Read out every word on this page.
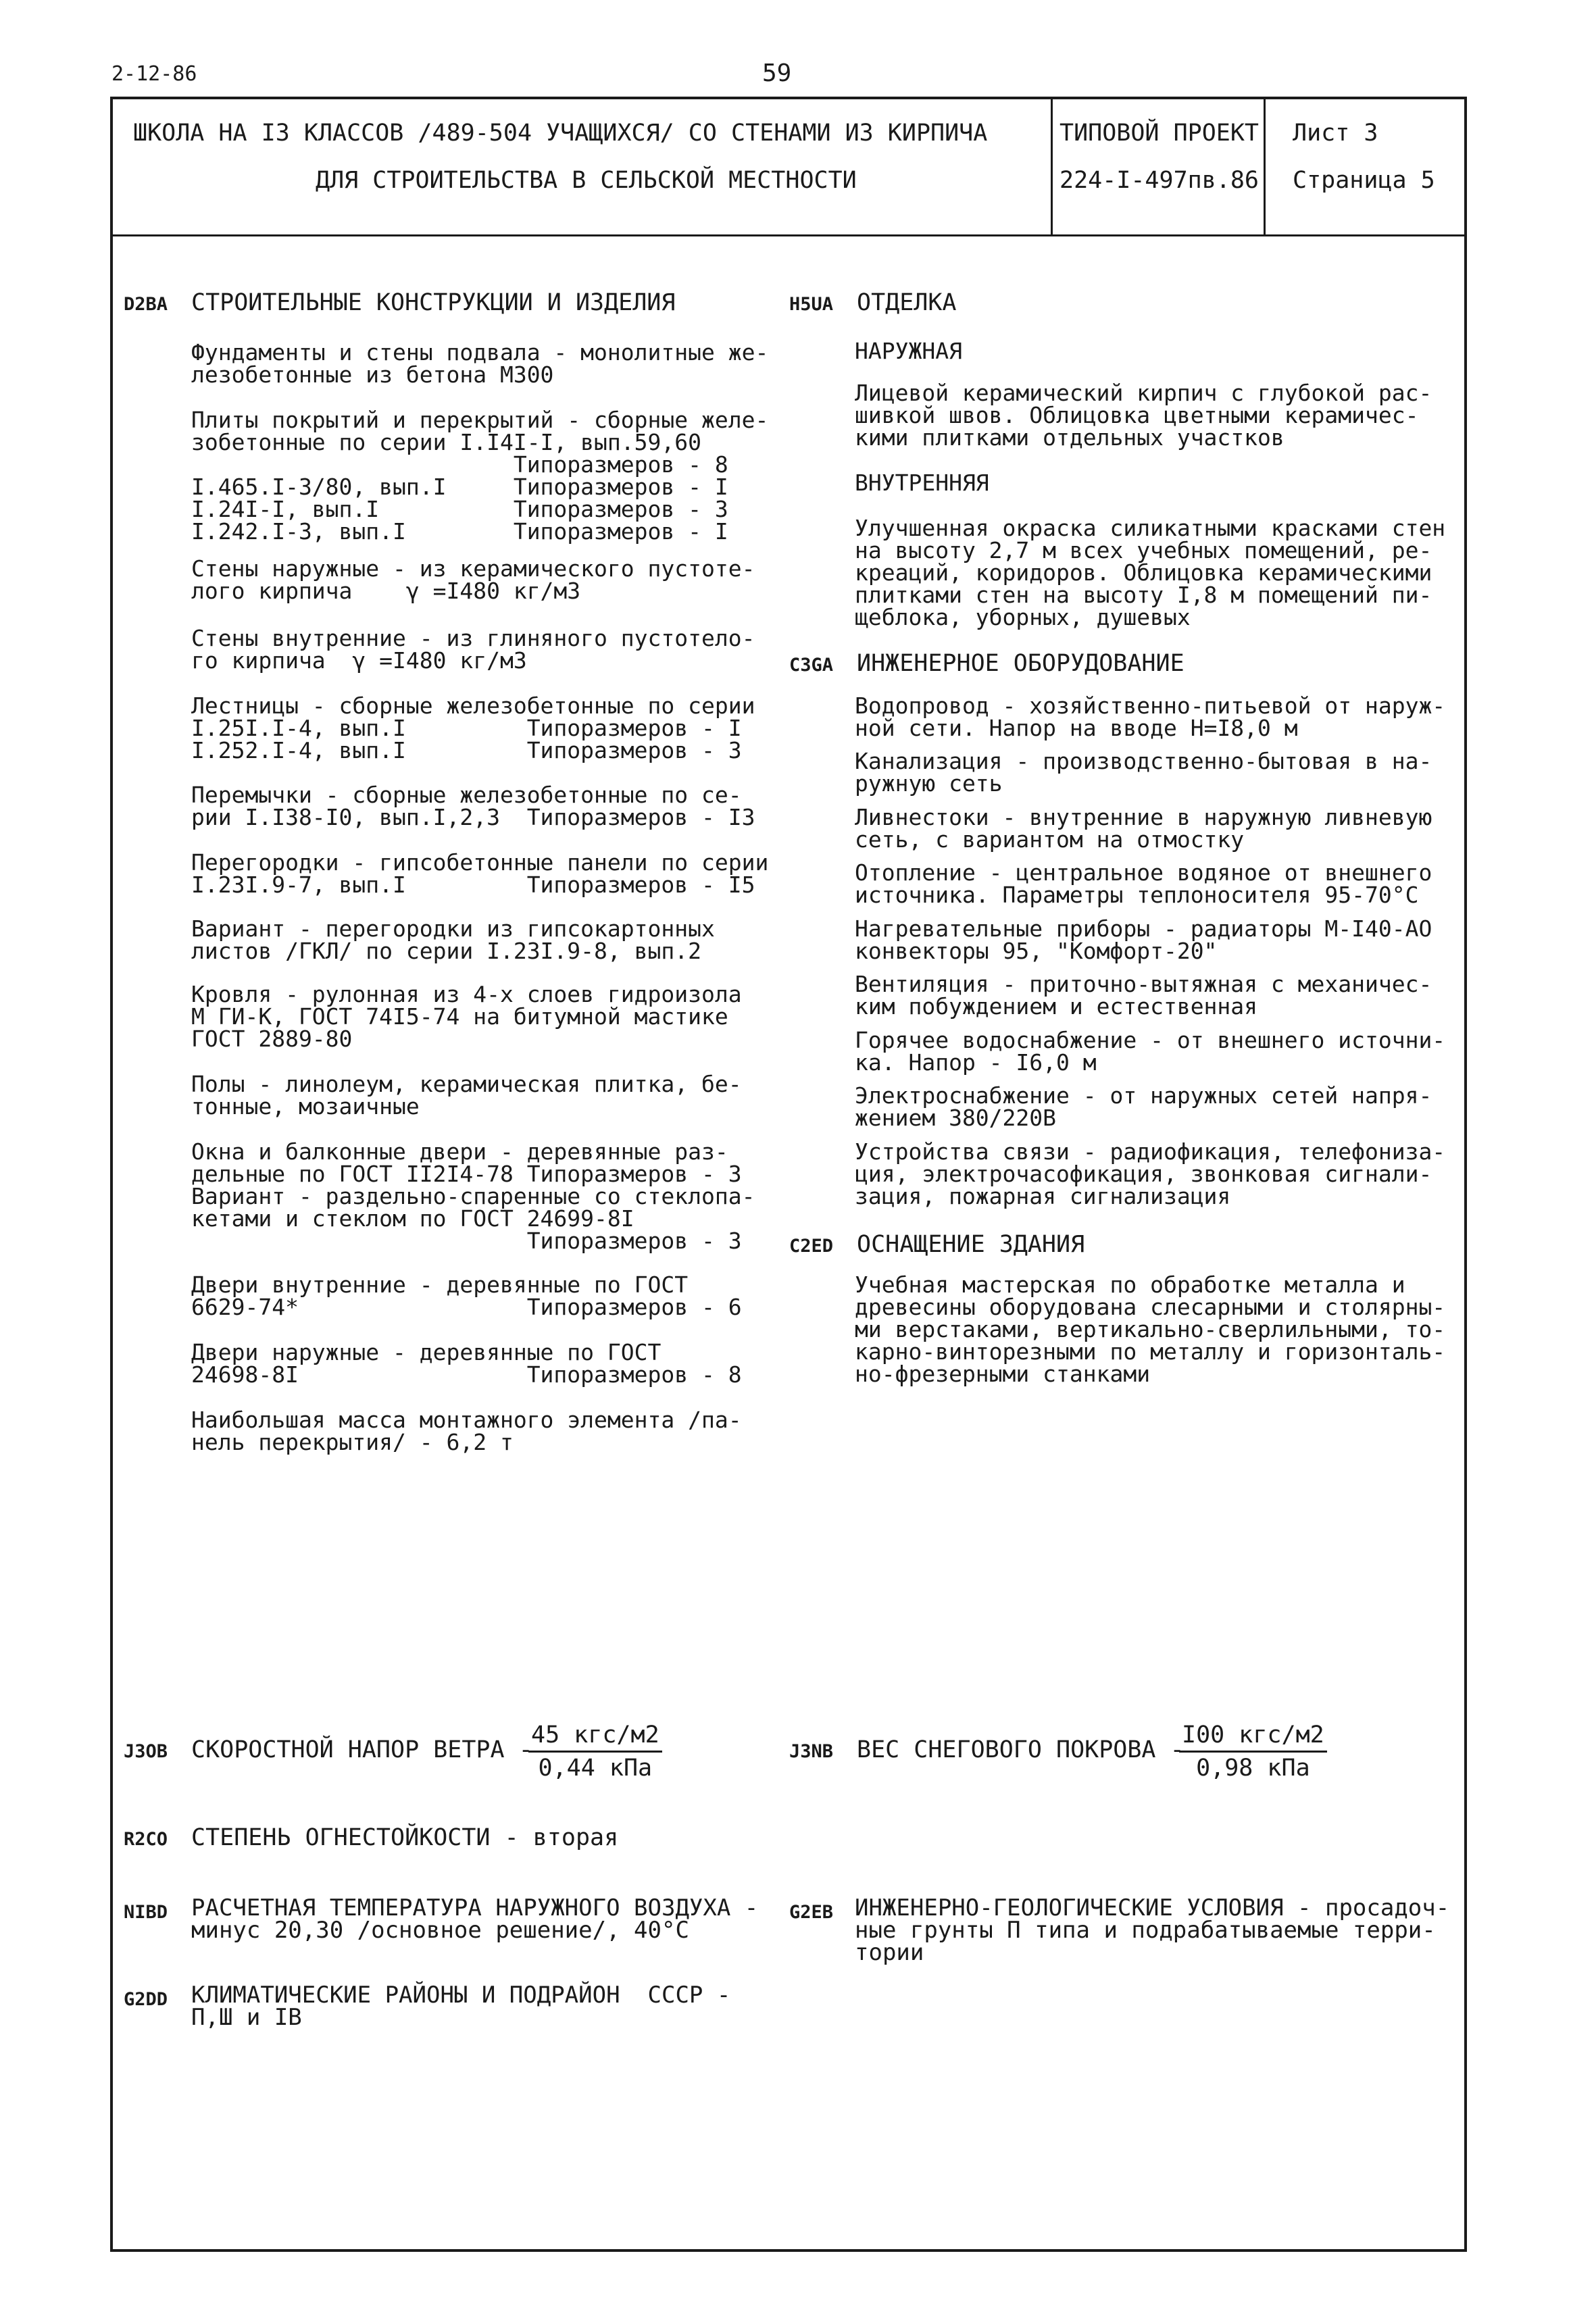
2-12-86	59
ШКОЛА НА I3 КЛАССОВ /489-504 УЧАЩИХСЯ/ СО СТЕНАМИ ИЗ КИРПИЧА
ДЛЯ СТРОИТЕЛЬСТВА В СЕЛЬСКОЙ МЕСТНОСТИ
ТИПОВОЙ ПРОЕКТ
224-I-497пв.86
Лист 3
Страница 5
D2BA СТРОИТЕЛЬНЫЕ КОНСТРУКЦИИ И ИЗДЕЛИЯ
Фундаменты и стены подвала - монолитные же-
лезобетонные из бетона М300
Плиты покрытий и перекрытий - сборные желе-
зобетонные по серии I.I4I-I, вып.59,60
Типоразмеров - 8
I.465.I-3/80, вып.I     Типоразмеров - I
I.24I-I, вып.I          Типоразмеров - 3
I.242.I-3, вып.I        Типоразмеров - I
Стены наружные - из керамического пустоте-
лого кирпича    γ =I480 кг/м3
Стены внутренние - из глиняного пустотело-
го кирпича  γ =I480 кг/м3
Лестницы - сборные железобетонные по серии
I.25I.I-4, вып.I         Типоразмеров - I
I.252.I-4, вып.I         Типоразмеров - 3
Перемычки - сборные железобетонные по се-
рии I.I38-I0, вып.I,2,3  Типоразмеров - I3
Перегородки - гипсобетонные панели по серии
I.23I.9-7, вып.I         Типоразмеров - I5
Вариант - перегородки из гипсокартонных
листов /ГКЛ/ по серии I.23I.9-8, вып.2
Кровля - рулонная из 4-х слоев гидроизола
М ГИ-К, ГОСТ 74I5-74 на битумной мастике
ГОСТ 2889-80
Полы - линолеум, керамическая плитка, бе-
тонные, мозаичные
Окна и балконные двери - деревянные раз-
дельные по ГОСТ II2I4-78 Типоразмеров - 3
Вариант - раздельно-спаренные со стеклопа-
кетами и стеклом по ГОСТ 24699-8I
Типоразмеров - 3
Двери внутренние - деревянные по ГОСТ
6629-74*                 Типоразмеров - 6
Двери наружные - деревянные по ГОСТ
24698-8I                 Типоразмеров - 8
Наибольшая масса монтажного элемента /па-
нель перекрытия/ - 6,2 т
H5UA ОТДЕЛКА
НАРУЖНАЯ
Лицевой керамический кирпич с глубокой рас-
шивкой швов. Облицовка цветными керамичес-
кими плитками отдельных участков
ВНУТРЕННЯЯ
Улучшенная окраска силикатными красками стен
на высоту 2,7 м всех учебных помещений, ре-
креаций, коридоров. Облицовка керамическими
плитками стен на высоту I,8 м помещений пи-
щеблока, уборных, душевых
C3GA ИНЖЕНЕРНОЕ ОБОРУДОВАНИЕ
Водопровод - хозяйственно-питьевой от наруж-
ной сети. Напор на вводе Н=I8,0 м
Канализация - производственно-бытовая в на-
ружную сеть
Ливнестоки - внутренние в наружную ливневую
сеть, с вариантом на отмостку
Отопление - центральное водяное от внешнего
источника. Параметры теплоносителя 95-70°С
Нагревательные приборы - радиаторы М-I40-АО
конвекторы 95, "Комфорт-20"
Вентиляция - приточно-вытяжная с механичес-
ким побуждением и естественная
Горячее водоснабжение - от внешнего источни-
ка. Напор - I6,0 м
Электроснабжение - от наружных сетей напря-
жением 380/220В
Устройства связи - радиофикация, телефониза-
ция, электрочасофикация, звонковая сигнали-
зация, пожарная сигнализация
C2ED ОСНАЩЕНИЕ ЗДАНИЯ
Учебная мастерская по обработке металла и
древесины оборудована слесарными и столярны-
ми верстаками, вертикально-сверлильными, то-
карно-винторезными по металлу и горизонталь-
но-фрезерными станками
J3OB СКОРОСТНОЙ НАПОР ВЕТРА -
45 кгс/м2
0,44 кПа
J3NB ВЕС СНЕГОВОГО ПОКРОВА -
I00 кгс/м2
0,98 кПа
R2CO СТЕПЕНЬ ОГНЕСТОЙКОСТИ - вторая
NIBD	РАСЧЕТНАЯ ТЕМПЕРАТУРА НАРУЖНОГО ВОЗДУХА -
минус 20,30 /основное решение/, 40°С
G2EB ИНЖЕНЕРНО-ГЕОЛОГИЧЕСКИЕ УСЛОВИЯ - просадоч-
ные грунты П типа и подрабатываемые терри-
тории
G2DD	КЛИМАТИЧЕСКИЕ РАЙОНЫ И ПОДРАЙОН  СССР -
П,Ш и IВ
